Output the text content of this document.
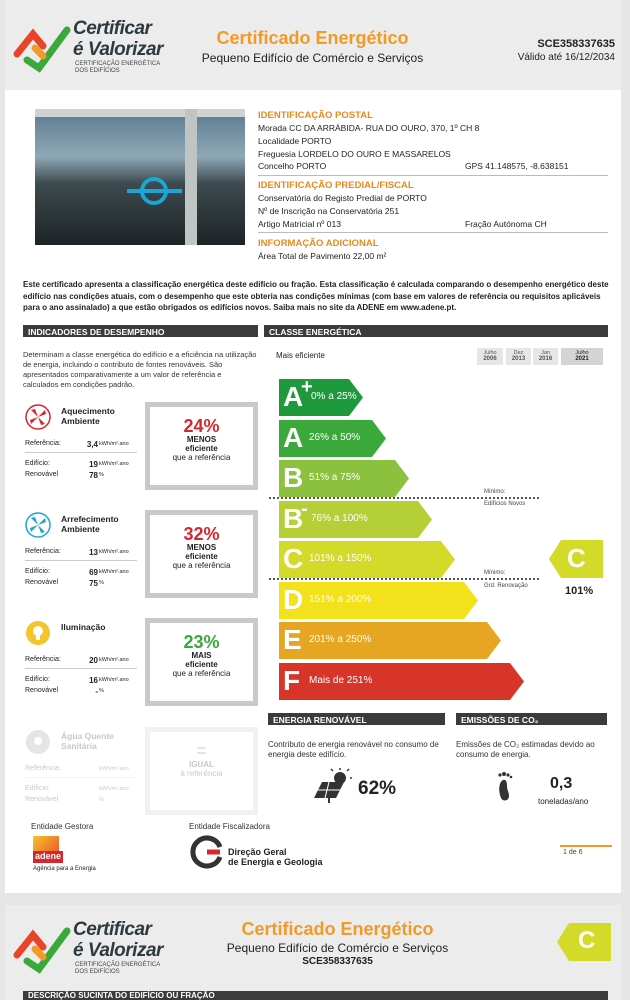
Certificar
é Valorizar
CERTIFICAÇÃO ENERGÉTICA
DOS EDIFÍCIOS
Certificado Energético
Pequeno Edifício de Comércio e Serviços
SCE358337635
Válido até 16/12/2034
IDENTIFICAÇÃO POSTAL
Morada CC DA ARRÁBIDA- RUA DO OURO, 370, 1º CH 8
Localidade PORTO
Freguesia LORDELO DO OURO E MASSARELOS
Concelho PORTO	GPS 41.148575, -8.638151
IDENTIFICAÇÃO PREDIAL/FISCAL
Conservatória do Registo Predial de PORTO
Nº de Inscrição na Conservatória 251
Artigo Matricial nº 013	Fração Autónoma CH
INFORMAÇÃO ADICIONAL
Área Total de Pavimento 22,00 m²
Este certificado apresenta a classificação energética deste edifício ou fração. Esta classificação é calculada comparando o desempenho energético deste edifício nas condições atuais, com o desempenho que este obteria nas condições mínimas (com base em valores de referência ou requisitos aplicáveis para o ano assinalado) a que estão obrigados os edifícios novos. Saiba mais no site da ADENE em www.adene.pt.
INDICADORES DE DESEMPENHO
Determinam a classe energética do edifício e a eficiência na utilização de energia, incluindo o contributo de fontes renováveis. São apresentados comparativamente a um valor de referência e calculados em condições padrão.
Aquecimento Ambiente
Referência:	3,4 kWh/m².ano
Edifício:	19 kWh/m².ano
Renovável	78 %
24%
MENOS
eficiente
que a referência
Arrefecimento Ambiente
Referência:	13 kWh/m².ano
Edifício:	69 kWh/m².ano
Renovável	75 %
32%
MENOS
eficiente
que a referência
Iluminação
Referência:	20 kWh/m².ano
Edifício:	16 kWh/m².ano
Renovável	- %
23%
MAIS
eficiente
que a referência
Água Quente Sanitária
Referência:	kWh/m².ano
Edifício:	kWh/m².ano
Renovável	%
=
IGUAL
à referência
CLASSE ENERGÉTICA
Mais eficiente	Julho
2006
Dez
2013
Jan
2016
Julho
2021
A
+
0% a 25%
A 26% a 50%
B 51% a 75%
B
- 76% a 100%
C 101% a 150%
D 151% a 200%
E 201% a 250%
F Mais de 251%
Mínimo:
Edifícios Novos
Mínimo:
Grd. Renovação
C
101%
ENERGIA RENOVÁVEL
Contributo de energia renovável no consumo de energia deste edifício.
62%
EMISSÕES DE CO₂
Emissões de CO₂ estimadas devido ao consumo de energia.
0,3
toneladas/ano
Entidade Gestora	Entidade Fiscalizadora
adene
Agência para a Energia
Direção Geral
de Energia e Geologia
1 de 6
Certificar
é Valorizar
CERTIFICAÇÃO ENERGÉTICA
DOS EDIFÍCIOS
Certificado Energético
Pequeno Edifício de Comércio e Serviços
SCE358337635
C
DESCRIÇÃO SUCINTA DO EDIFÍCIO OU FRAÇÃO
